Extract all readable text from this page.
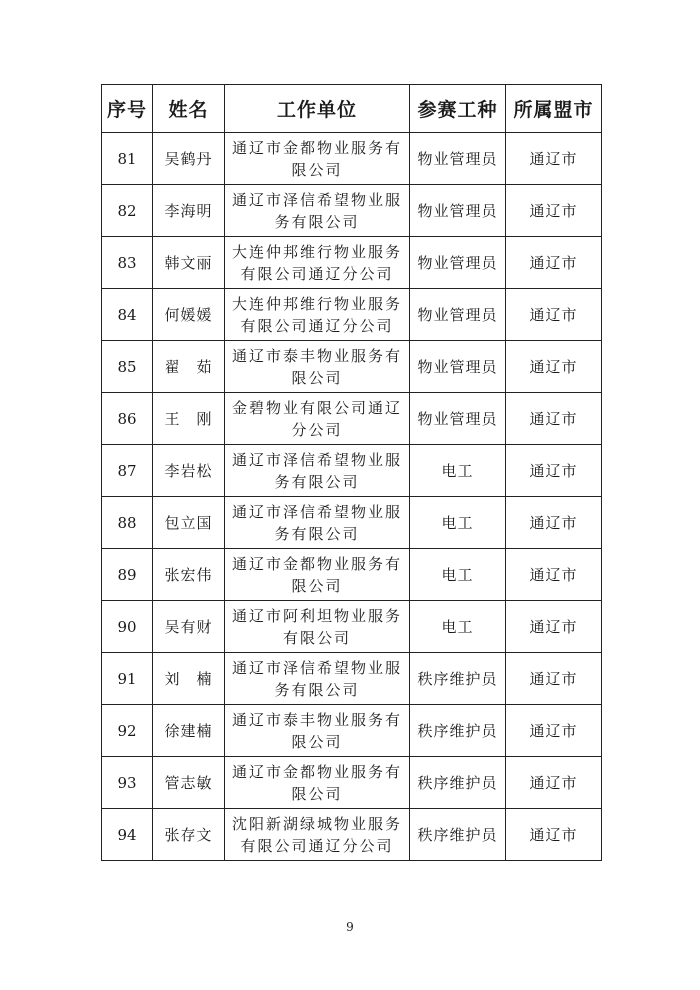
序号	姓名	工作单位	参赛工种	所属盟市
81	吴鹤丹	通辽市金都物业服务有限公司	物业管理员	通辽市
82	李海明	通辽市泽信希望物业服务有限公司	物业管理员	通辽市
83	韩文丽	大连仲邦维行物业服务有限公司通辽分公司	物业管理员	通辽市
84	何媛媛	大连仲邦维行物业服务有限公司通辽分公司	物业管理员	通辽市
85	翟　茹	通辽市泰丰物业服务有限公司	物业管理员	通辽市
86	王　刚	金碧物业有限公司通辽分公司	物业管理员	通辽市
87	李岩松	通辽市泽信希望物业服务有限公司	电工	通辽市
88	包立国	通辽市泽信希望物业服务有限公司	电工	通辽市
89	张宏伟	通辽市金都物业服务有限公司	电工	通辽市
90	吴有财	通辽市阿利坦物业服务有限公司	电工	通辽市
91	刘　楠	通辽市泽信希望物业服务有限公司	秩序维护员	通辽市
92	徐建楠	通辽市泰丰物业服务有限公司	秩序维护员	通辽市
93	管志敏	通辽市金都物业服务有限公司	秩序维护员	通辽市
94	张存文	沈阳新湖绿城物业服务有限公司通辽分公司	秩序维护员	通辽市
9
